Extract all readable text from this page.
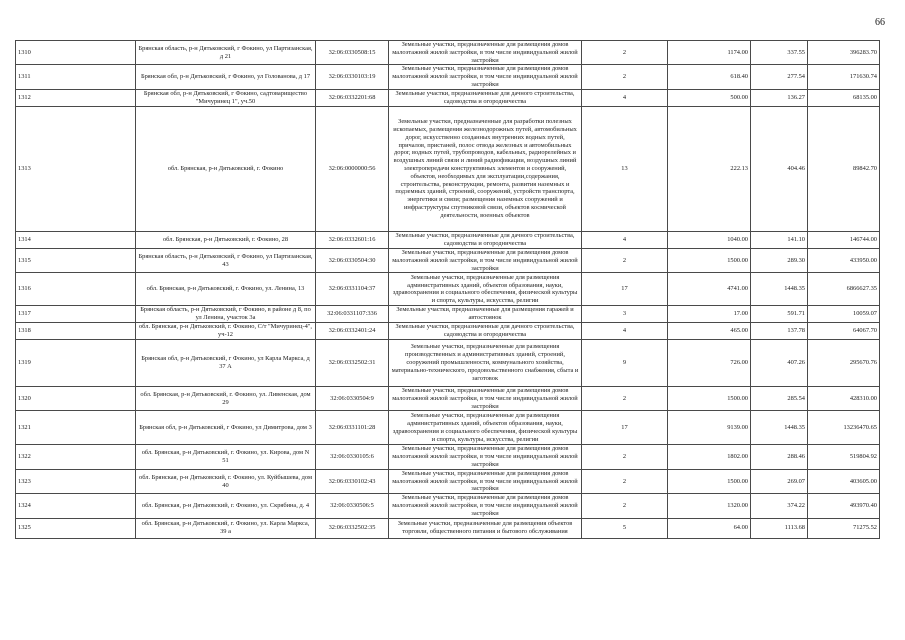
66
1310	Брянская область, р-н Дятьковский, г Фокино, ул Партизанская, д 21	32:06:0330508:15	Земельные участки, предназначенные для размещения домов малоэтажной жилой застройки, в том числе индивидуальной жилой застройки	2	1174.00	337.55	396283.70
1311	Брянская обл, р-н Дятьковский, г Фокино, ул Голованова, д 17	32:06:0330103:19	Земельные участки, предназначенные для размещения домов малоэтажной жилой застройки, в том числе индивидуальной жилой застройки	2	618.40	277.54	171630.74
1312	Брянская обл, р-н Дятьковский, г Фокино, садтоварищество "Мичуринец 1", уч.50	32:06:0332201:68	Земельные участки, предназначенные для дачного строительства, садоводства и огородничества	4	500.00	136.27	68135.00
1313	обл. Брянская, р-н Дятьковский, г. Фокино	32:06:0000000:56	Земельные участки, предназначенные для разработки полезных ископаемых, размещения железнодорожных путей, автомобильных дорог, искусственно созданных внутренних водных путей, причалов, пристаней, полос отвода железных и автомобильных дорог, водных путей, трубопроводов, кабельных, радиорелейных и воздушных линий связи и линий радиофикации, воздушных линий электропередачи конструктивных элементов и сооружений, объектов, необходимых для эксплуатации,содержания, строительства, реконструкции, ремонта, развития наземных и подземных зданий, строений, сооружений, устройств транспорта, энергетики и связи; размещения наземных сооружений и инфраструктуры спутниковой связи, объектов космической деятельности, военных объектов	13	222.13	404.46	89842.70
1314	обл. Брянская, р-н Дятьковский, г. Фокино, 28	32:06:0332601:16	Земельные участки, предназначенные для дачного строительства, садоводства и огородничества	4	1040.00	141.10	146744.00
1315	Брянская область, р-н Дятьковский, г Фокино, ул Партизанская, 43	32:06:0330504:30	Земельные участки, предназначенные для размещения домов малоэтажной жилой застройки, в том числе индивидуальной жилой застройки	2	1500.00	289.30	433950.00
1316	обл. Брянская, р-н Дятьковский, г. Фокино, ул. Ленина, 13	32:06:0331104:37	Земельные участки, предназначенные для размещения административных зданий, объектов образования, науки, здравоохранения и социального обеспечения, физической культуры и спорта, культуры, искусства, религии	17	4741.00	1448.35	6866627.35
1317	Брянская область, р-н Дятьковский, г Фокино, в районе д 8, по ул Ленина, участок 3а	32:06:0331107:336	Земельные участки, предназначенные для размещения гаражей и автостоянок	3	17.00	591.71	10059.07
1318	обл. Брянская, р-н Дятьковский, г. Фокино, С/т "Мичуринец-4", уч-12	32:06:0332401:24	Земельные участки, предназначенные для дачного строительства, садоводства и огородничества	4	465.00	137.78	64067.70
1319	Брянская обл, р-н Дятьковский, г Фокино, ул Карла Маркса, д 37 А	32:06:0332502:31	Земельные участки, предназначенные для размещения производственных и административных зданий, строений, сооружений промышленности, коммунального хозяйства, материально-технического, продовольственного снабжения, сбыта и заготовок	9	726.00	407.26	295670.76
1320	обл. Брянская, р-н Дятьковский, г. Фокино, ул. Ливенская, дом 29	32:06:0330504:9	Земельные участки, предназначенные для размещения домов малоэтажной жилой застройки, в том числе индивидуальной жилой застройки	2	1500.00	285.54	428310.00
1321	Брянская обл, р-н Дятьковский, г Фокино, ул Димитрова, дом 3	32:06:0331101:28	Земельные участки, предназначенные для размещения административных зданий, объектов образования, науки, здравоохранения и социального обеспечения, физической культуры и спорта, культуры, искусства, религии	17	9139.00	1448.35	13236470.65
1322	обл. Брянская, р-н Дятьковский, г. Фокино, ул. Кирова, дом N 51	32:06:0330105:6	Земельные участки, предназначенные для размещения домов малоэтажной жилой застройки, в том числе индивидуальной жилой застройки	2	1802.00	288.46	519804.92
1323	обл. Брянская, р-н Дятьковский, г. Фокино, ул. Куйбышева, дом 40	32:06:0330102:43	Земельные участки, предназначенные для размещения домов малоэтажной жилой застройки, в том числе индивидуальной жилой застройки	2	1500.00	269.07	403605.00
1324	обл. Брянская, р-н Дятьковский, г. Фокино, ул. Скрябина, д. 4	32:06:0330506:5	Земельные участки, предназначенные для размещения домов малоэтажной жилой застройки, в том числе индивидуальной жилой застройки	2	1320.00	374.22	493970.40
1325	обл. Брянская, р-н Дятьковский, г. Фокино, ул. Карла Маркса, 39 а	32:06:0332502:35	Земельные участки, предназначенные для размещения объектов торговли, общественного питания и бытового обслуживания	5	64.00	1113.68	71275.52
